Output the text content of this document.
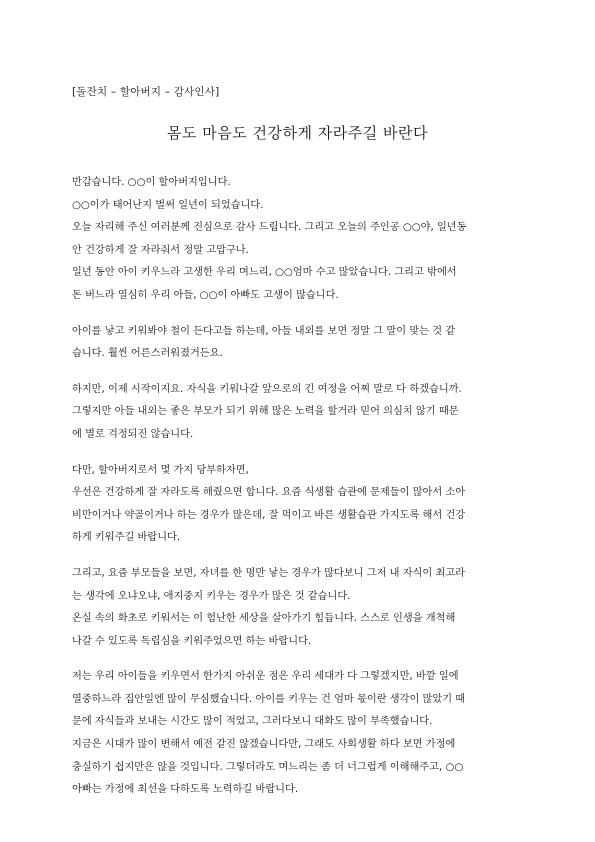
[돌잔치 – 할아버지 – 감사인사]
몸도 마음도 건강하게 자라주길 바란다
반갑습니다. ○○이 할아버지입니다.
○○이가 태어난지 벌써 일년이 되었습니다.
오늘 자리해 주신 여러분께 진심으로 감사 드립니다. 그리고 오늘의 주인공 ○○야, 일년동
안 건강하게 잘 자라줘서 정말 고맙구나.
일년 동안 아이 키우느라 고생한 우리 며느리, ○○엄마 수고 많았습니다. 그리고 밖에서
돈 버느라 열심히 우리 아들, ○○이 아빠도 고생이 많습니다.
아이를 낳고 키워봐야 철이 든다고들 하는데, 아들 내외를 보면 정말 그 말이 맞는 것 같
습니다. 훨씬 어른스러워졌거든요.
하지만, 이제 시작이지요. 자식을 키워나갈 앞으로의 긴 여정을 어찌 말로 다 하겠습니까.
그렇지만 아들 내외는 좋은 부모가 되기 위해 많은 노력을 할거라 믿어 의심치 않기 때문
에 별로 걱정되진 않습니다.
다만, 할아버지로서 몇 가지 당부하자면,
우선은 건강하게 잘 자라도록 해줬으면 합니다. 요즘 식생활 습관에 문제들이 많아서 소아
비만이거나 약골이거나 하는 경우가 많은데, 잘 먹이고 바른 생활습관 가지도록 해서 건강
하게 키워주길 바랍니다.
그리고, 요즘 부모들을 보면, 자녀를 한 명만 낳는 경우가 많다보니 그저 내 자식이 최고라
는 생각에 오냐오냐, 애지중지 키우는 경우가 많은 것 같습니다.
온실 속의 화초로 키워서는 이 험난한 세상을 살아가기 힘듭니다. 스스로 인생을 개척해
나갈 수 있도록 독립심을 키워주었으면 하는 바랍니다.
저는 우리 아이들을 키우면서 한가지 아쉬운 점은 우리 세대가 다 그렇겠지만, 바깥 일에
열중하느라 집안일엔 많이 무심했습니다. 아이를 키우는 건 엄마 몫이란 생각이 많았기 때
문에 자식들과 보내는 시간도 많이 적었고, 그러다보니 대화도 많이 부족했습니다.
지금은 시대가 많이 변해서 예전 같진 않겠습니다만, 그래도 사회생활 하다 보면 가정에
충실하기 쉽지만은 않을 것입니다. 그렇더라도 며느리는 좀 더 너그럽게 이해해주고, ○○
아빠는 가정에 최선을 다하도록 노력하길 바랍니다.
